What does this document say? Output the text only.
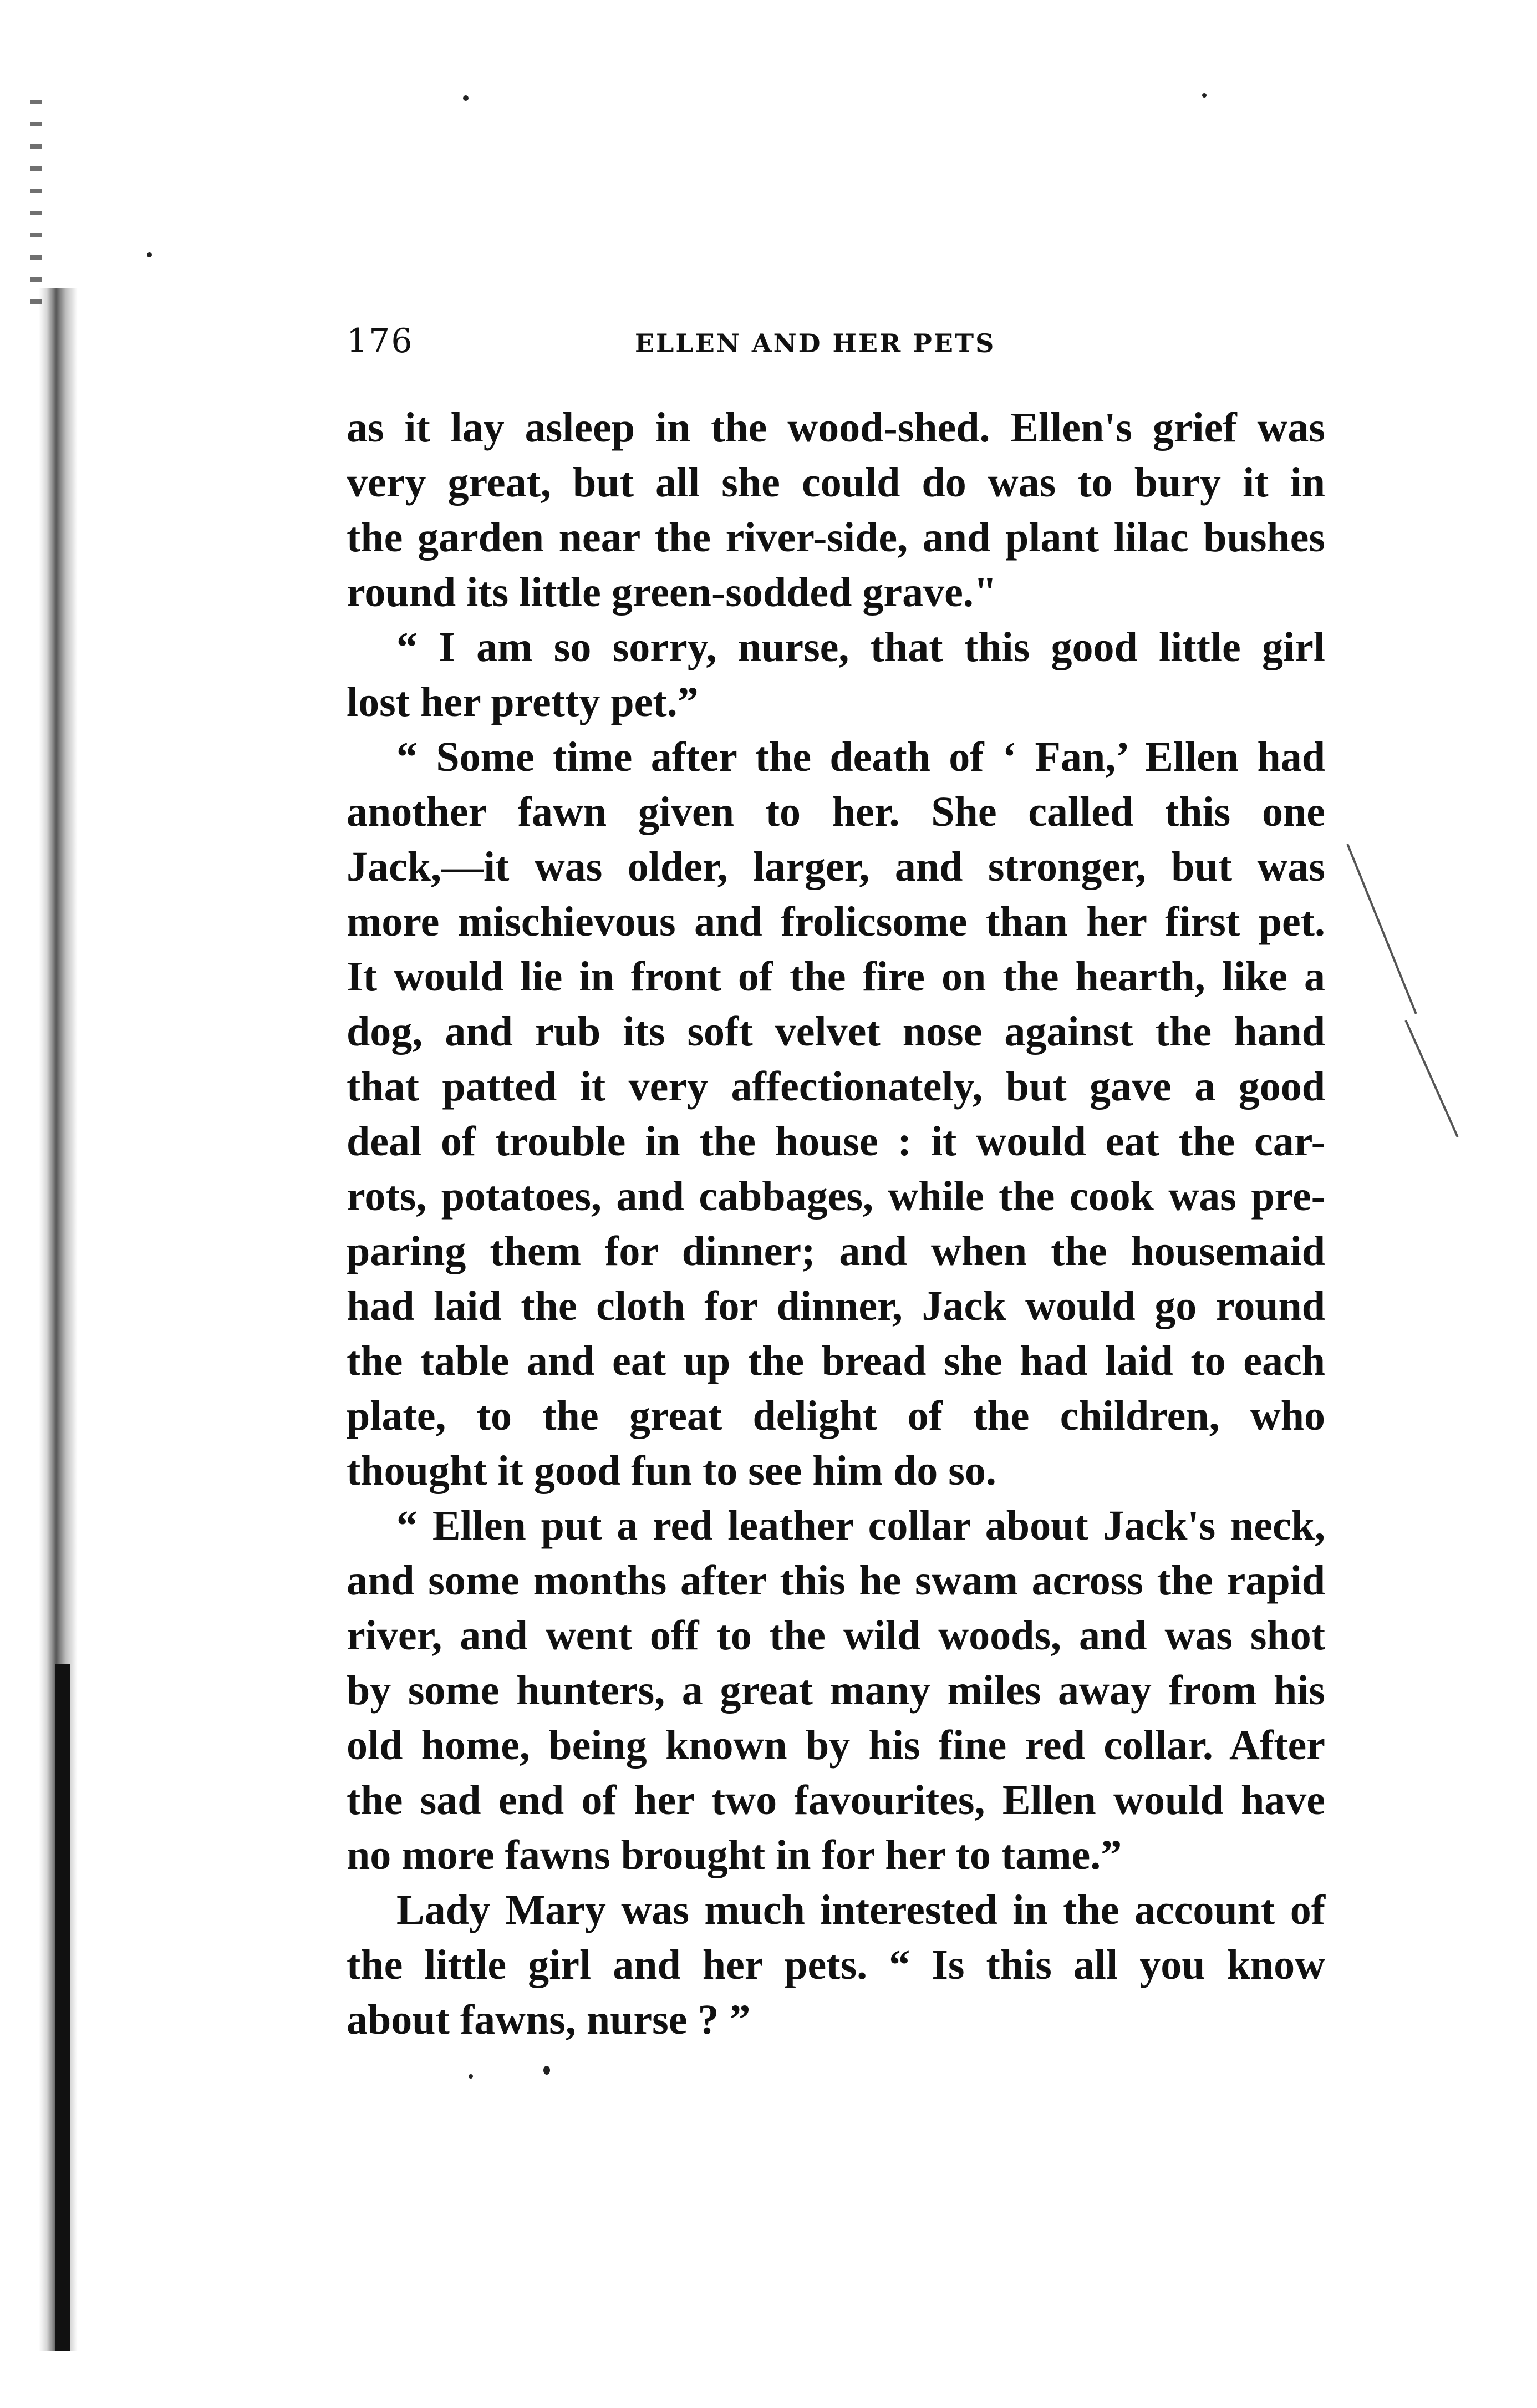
176	ELLEN AND HER PETS
as it lay asleep in the wood-shed. Ellen's grief was
very great, but all she could do was to bury it in
the garden near the river-side, and plant lilac bushes
round its little green-sodded grave."
“ I am so sorry, nurse, that this good little girl
lost her pretty pet.”
“ Some time after the death of ‘ Fan,’ Ellen had
another fawn given to her. She called this one
Jack,—it was older, larger, and stronger, but was
more mischievous and frolicsome than her first pet.
It would lie in front of the fire on the hearth, like a
dog, and rub its soft velvet nose against the hand
that patted it very affectionately, but gave a good
deal of trouble in the house : it would eat the car-
rots, potatoes, and cabbages, while the cook was pre-
paring them for dinner; and when the housemaid
had laid the cloth for dinner, Jack would go round
the table and eat up the bread she had laid to each
plate, to the great delight of the children, who
thought it good fun to see him do so.
“ Ellen put a red leather collar about Jack's neck,
and some months after this he swam across the rapid
river, and went off to the wild woods, and was shot
by some hunters, a great many miles away from his
old home, being known by his fine red collar. After
the sad end of her two favourites, Ellen would have
no more fawns brought in for her to tame.”
Lady Mary was much interested in the account of
the little girl and her pets. “ Is this all you know
about fawns, nurse ? ”
